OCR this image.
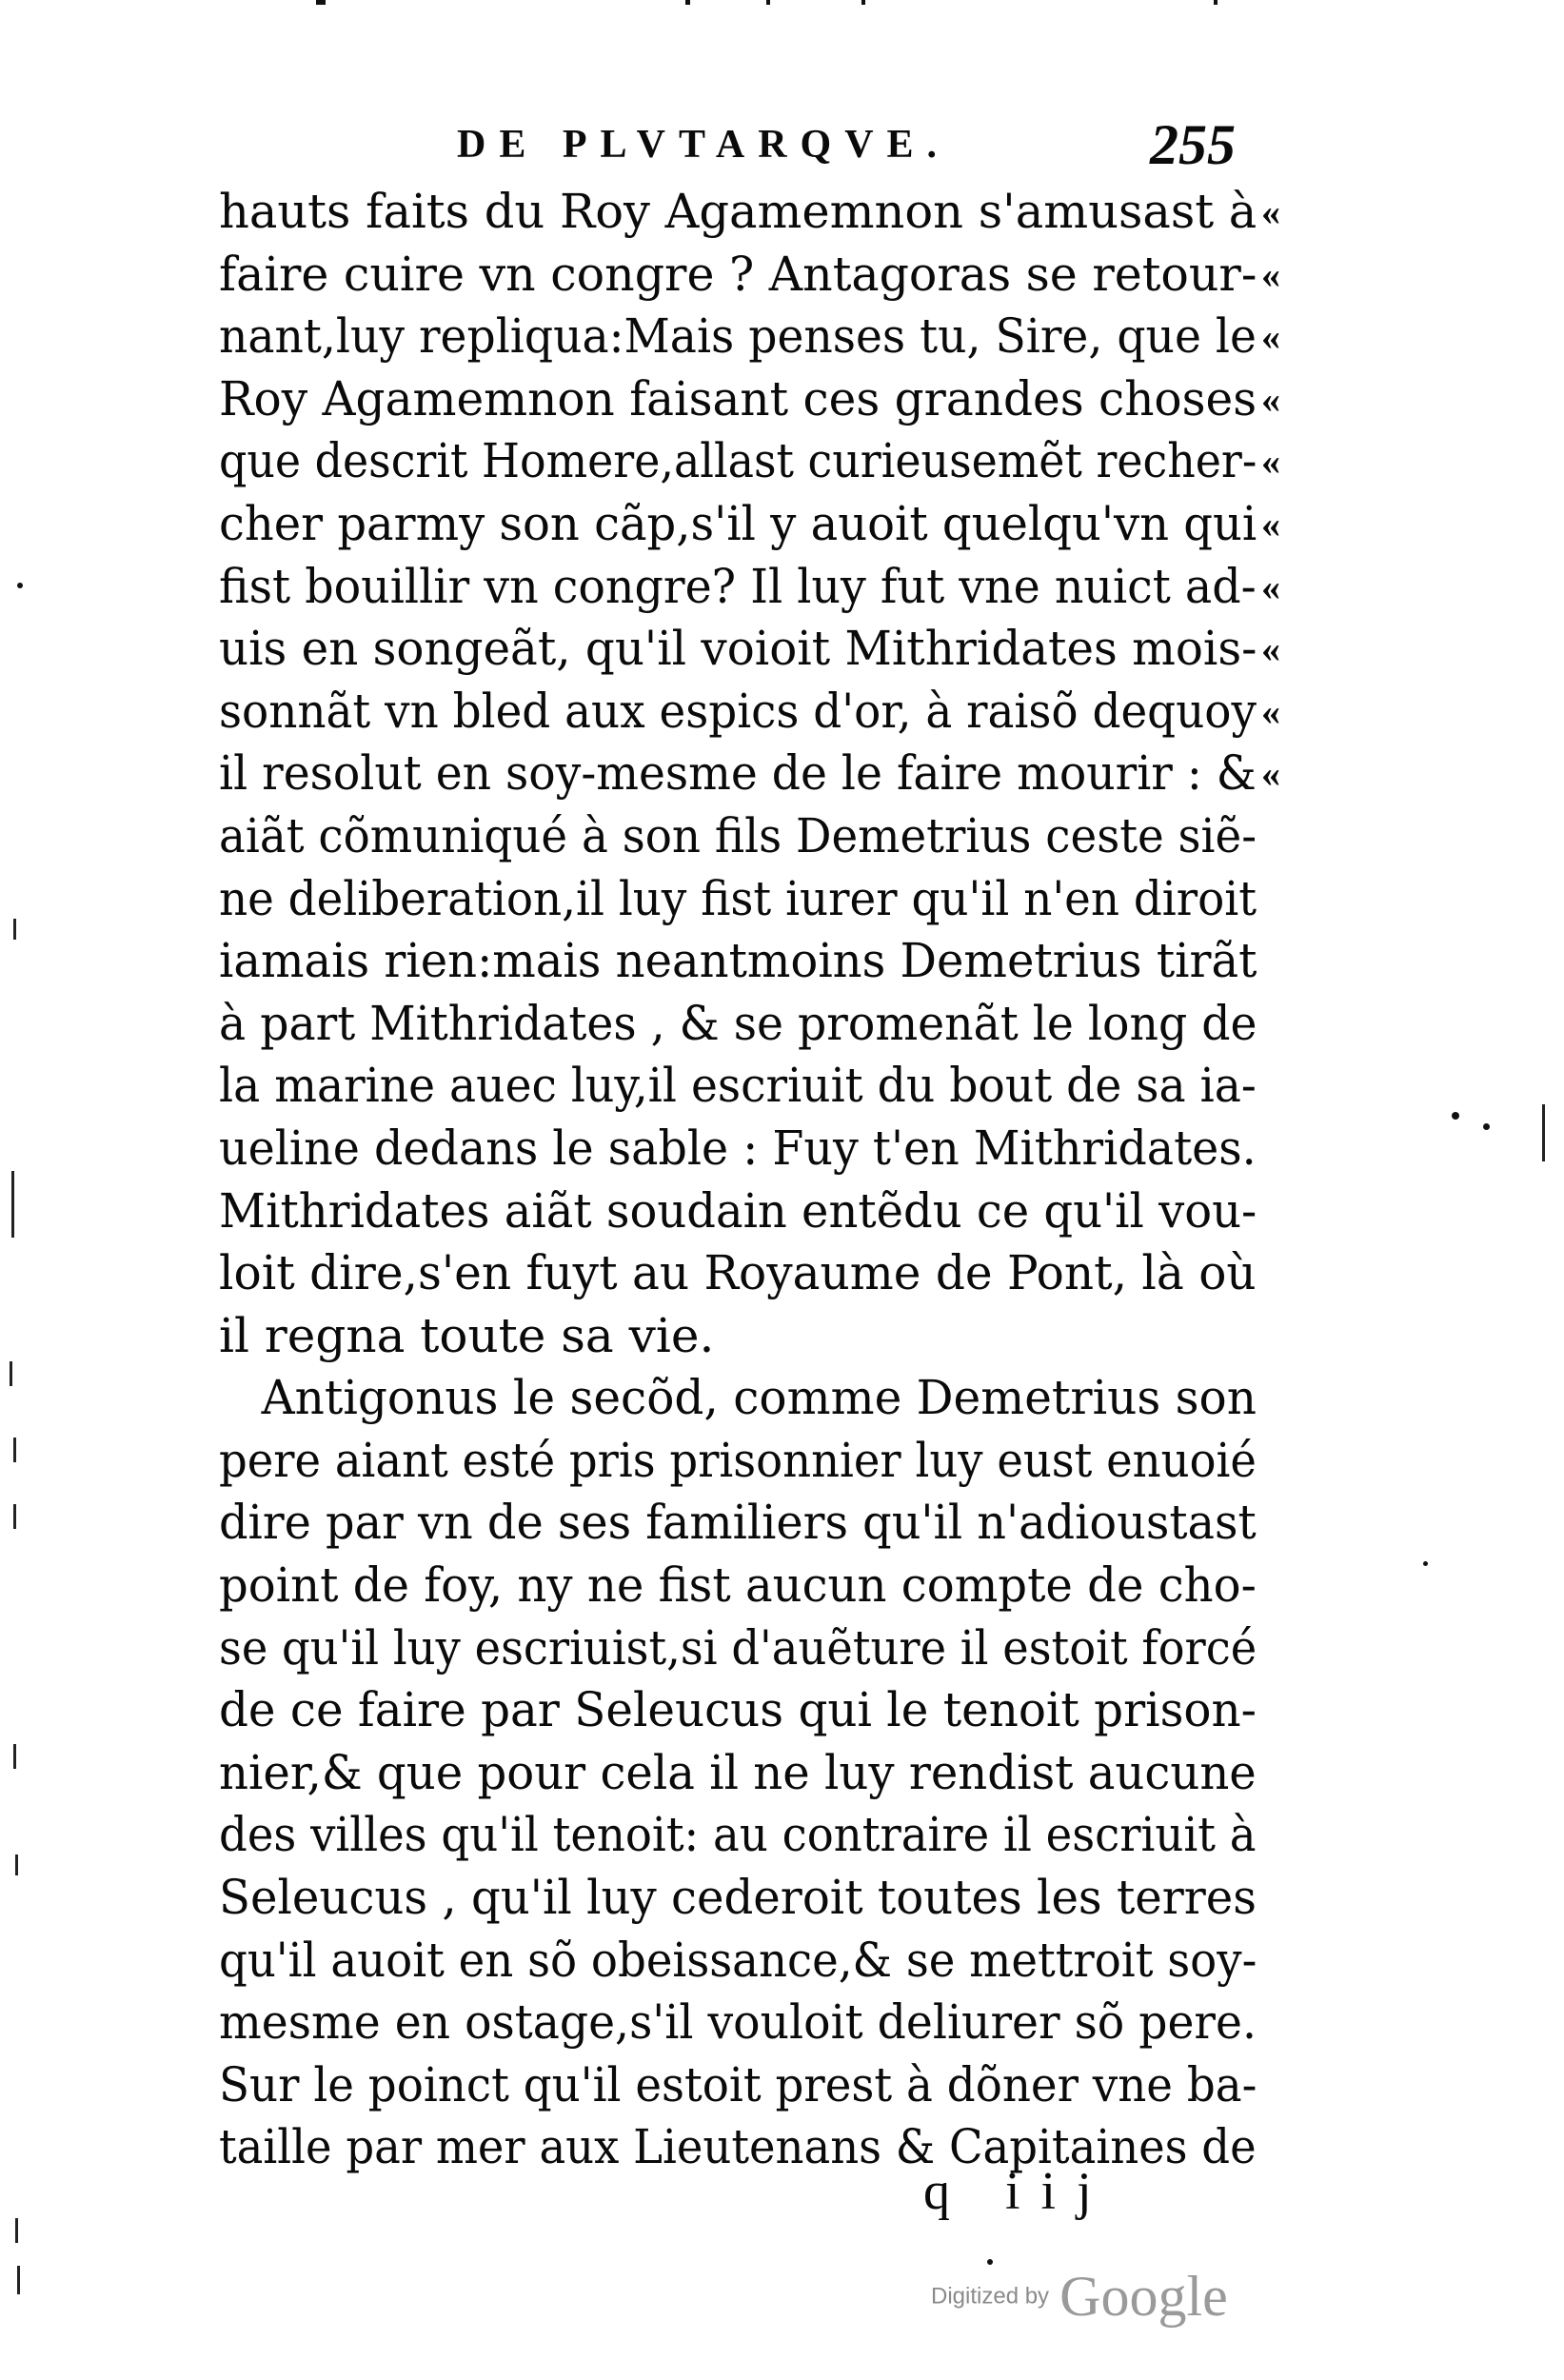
DE PLVTARQVE.	255
hauts faits du Roy Agamemnon s'amusast à «
faire cuire vn congre ? Antagoras se retour- «
nant,luy repliqua:Mais penses tu, Sire, que le «
Roy Agamemnon faisant ces grandes choses «
que descrit Homere,allast curieusemẽt recher- «
cher parmy son cãp,s'il y auoit quelqu'vn qui «
fist bouillir vn congre? Il luy fut vne nuict ad- «
uis en songeãt, qu'il voioit Mithridates mois- «
sonnãt vn bled aux espics d'or, à raisõ dequoy «
il resolut en soy-mesme de le faire mourir : & «
aiãt cõmuniqué à son fils Demetrius ceste siẽ-
ne deliberation,il luy fist iurer qu'il n'en diroit
iamais rien:mais neantmoins Demetrius tirãt
à part Mithridates , & se promenãt le long de
la marine auec luy,il escriuit du bout de sa ia-
ueline dedans le sable : Fuy t'en Mithridates.
Mithridates aiãt soudain entẽdu ce qu'il vou-
loit dire,s'en fuyt au Royaume de Pont, là où
il regna toute sa vie.
Antigonus le secõd, comme Demetrius son
pere aiant esté pris prisonnier luy eust enuoié
dire par vn de ses familiers qu'il n'adioustast
point de foy, ny ne fist aucun compte de cho-
se qu'il luy escriuist,si d'auẽture il estoit forcé
de ce faire par Seleucus qui le tenoit prison-
nier,& que pour cela il ne luy rendist aucune
des villes qu'il tenoit: au contraire il escriuit à
Seleucus , qu'il luy cederoit toutes les terres
qu'il auoit en sõ obeissance,& se mettroit soy-
mesme en ostage,s'il vouloit deliurer sõ pere.
Sur le poinct qu'il estoit prest à dõner vne ba-
taille par mer aux Lieutenans & Capitaines de
q iij
Digitized by Google
